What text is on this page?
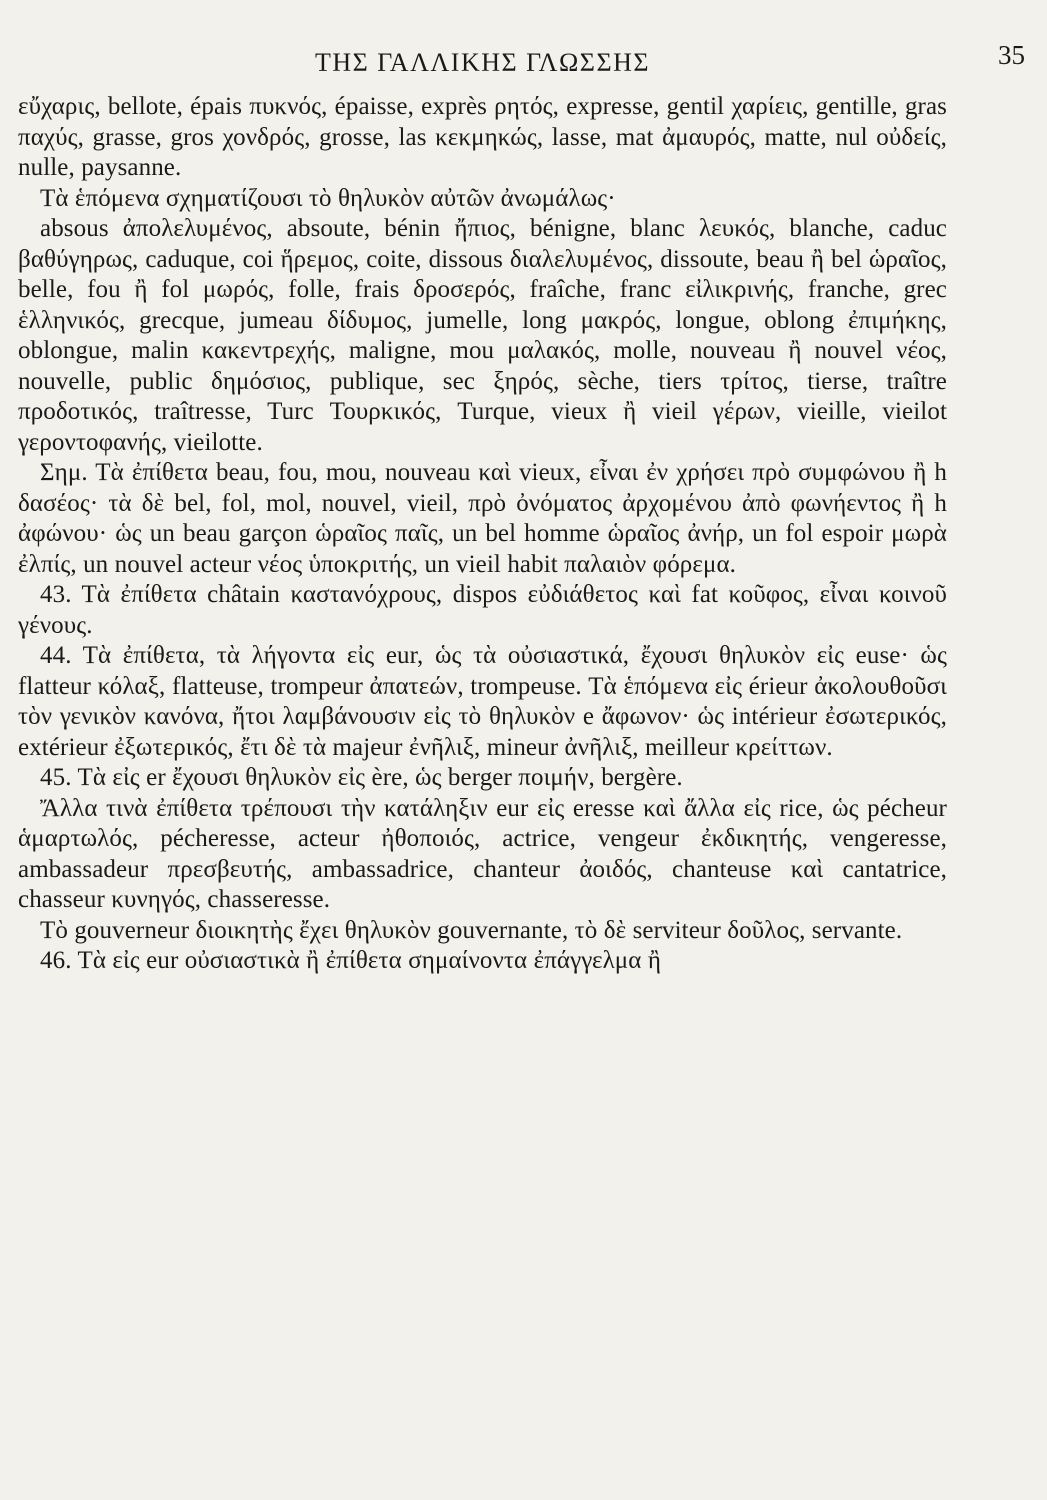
ΤΗΣ ΓΑΛΛΙΚΗΣ ΓΛΩΣΣΗΣ	35

εὔχαρις, bellote, épais πυκνός, épaisse, exprès ρητός, expresse, gentil χαρίεις, gentille, gras παχύς, grasse, gros χονδρός, grosse, las κεκμηκώς, lasse, mat ἀμαυρός, matte, nul οὐδείς, nulle, paysanne.

Τὰ ἑπόμενα σχηματίζουσι τὸ θηλυκὸν αὐτῶν ἀνωμάλως·

absous ἀπολελυμένος, absoute, bénin ἤπιος, bénigne, blanc λευκός, blanche, caduc βαθύγηρως, caduque, coi ἥρεμος, coite, dissous διαλελυμένος, dissoute, beau ἢ bel ὡραῖος, belle, fou ἢ fol μωρός, folle, frais δροσερός, fraîche, franc εἰλικρινής, franche, grec ἑλληνικός, grecque, jumeau δίδυμος, jumelle, long μακρός, longue, oblong ἐπιμήκης, oblongue, malin κακεντρεχής, maligne, mou μαλακός, molle, nouveau ἢ nouvel νέος, nouvelle, public δημόσιος, publique, sec ξηρός, sèche, tiers τρίτος, tierse, traître προδοτικός, traîtresse, Turc Τουρκικός, Turque, vieux ἢ vieil γέρων, vieille, vieilot γεροντοφανής, vieilotte.

Σημ. Τὰ ἐπίθετα beau, fou, mou, nouveau καὶ vieux, εἶναι ἐν χρήσει πρὸ συμφώνου ἢ h δασέος· τὰ δὲ bel, fol, mol, nouvel, vieil, πρὸ ὀνόματος ἀρχομένου ἀπὸ φωνήεντος ἢ h ἀφώνου· ὡς un beau garçon ὡραῖος παῖς, un bel homme ὡραῖος ἀνήρ, un fol espoir μωρὰ ἐλπίς, un nouvel acteur νέος ὑποκριτής, un vieil habit παλαιὸν φόρεμα.

43. Τὰ ἐπίθετα châtain καστανόχρους, dispos εὐδιάθετος καὶ fat κοῦφος, εἶναι κοινοῦ γένους.

44. Τὰ ἐπίθετα, τὰ λήγοντα εἰς eur, ὡς τὰ οὐσιαστικά, ἔχουσι θηλυκὸν εἰς euse· ὡς flatteur κόλαξ, flatteuse, trompeur ἀπατεών, trompeuse. Τὰ ἑπόμενα εἰς érieur ἀκολουθοῦσι τὸν γενικὸν κανόνα, ἤτοι λαμβάνουσιν εἰς τὸ θηλυκὸν e ἄφωνον· ὡς intérieur ἐσωτερικός, extérieur ἐξωτερικός, ἔτι δὲ τὰ majeur ἐνῆλιξ, mineur ἀνῆλιξ, meilleur κρείττων.

45. Τὰ εἰς er ἔχουσι θηλυκὸν εἰς ère, ὡς berger ποιμήν, bergère.

Ἄλλα τινὰ ἐπίθετα τρέπουσι τὴν κατάληξιν eur εἰς eresse καὶ ἄλλα εἰς rice, ὡς pécheur ἁμαρτωλός, pécheresse, acteur ἠθοποιός, actrice, vengeur ἐκδικητής, vengeresse, ambassadeur πρεσβευτής, ambassadrice, chanteur ἀοιδός, chanteuse καὶ cantatrice, chasseur κυνηγός, chasseresse.

Τὸ gouverneur διοικητὴς ἔχει θηλυκὸν gouvernante, τὸ δὲ serviteur δοῦλος, servante.

46. Τὰ εἰς eur οὐσιαστικὰ ἢ ἐπίθετα σημαίνοντα ἐπάγγελμα ἢ
